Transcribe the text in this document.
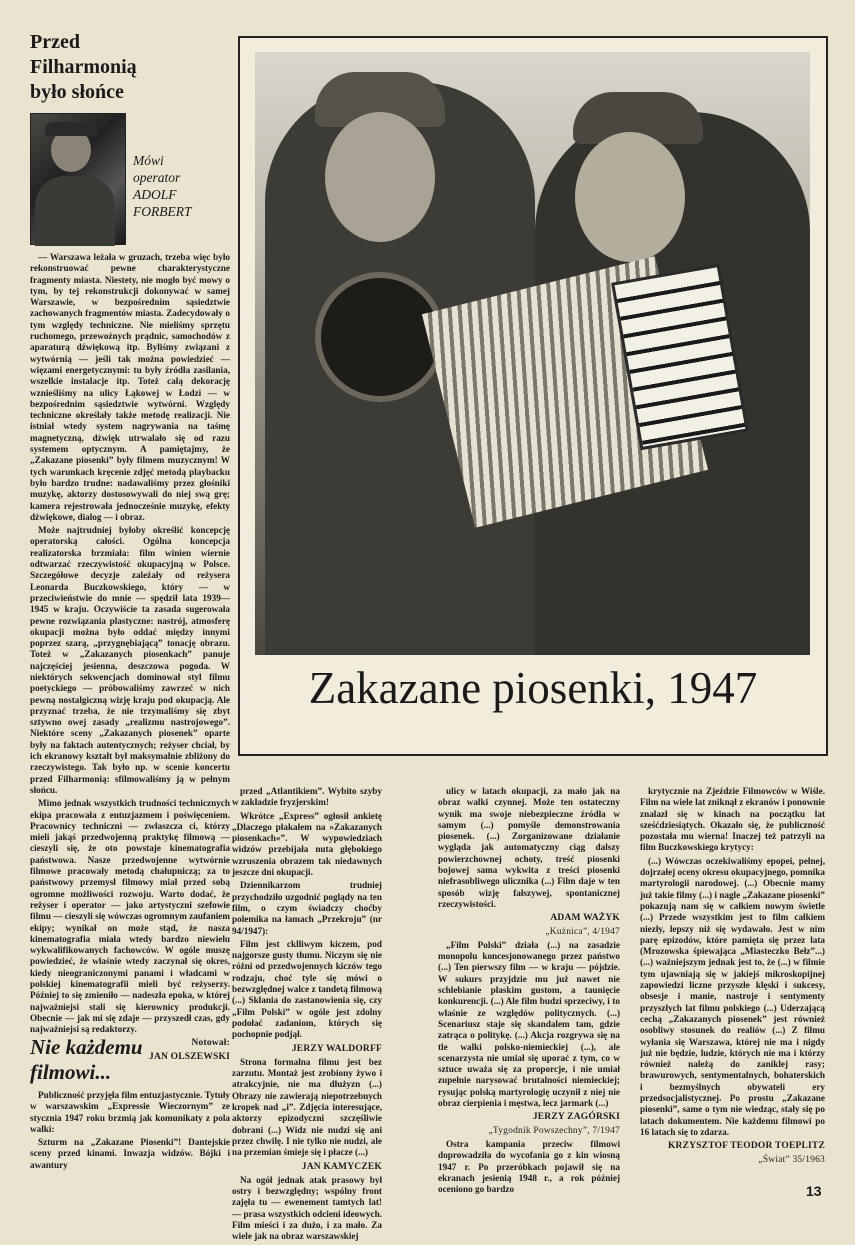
Przed
Filharmonią
było słońce
Mówi
operator
ADOLF
FORBERT

— Warszawa leżała w gruzach, trzeba więc było rekonstruować pewne charakterystyczne fragmenty miasta. Niestety, nie mogło być mowy o tym, by tej rekonstrukcji dokonywać w samej Warszawie, w bezpośrednim sąsiedztwie zachowanych fragmentów miasta. Zadecydowały o tym względy techniczne. Nie mieliśmy sprzętu ruchomego, przewoźnych prądnic, samochodów z aparaturą dźwiękową itp. Byliśmy związani z wytwórnią — jeśli tak można powiedzieć — więzami energetycznymi: tu były źródła zasilania, wszelkie instalacje itp. Toteż całą dekorację wznieśliśmy na ulicy Łąkowej w Łodzi — w bezpośrednim sąsiedztwie wytwórni. Względy techniczne określały także metodę realizacji. Nie istniał wtedy system nagrywania na taśmę magnetyczną, dźwięk utrwalało się od razu systemem optycznym. A pamiętajmy, że „Zakazane piosenki” były filmem muzycznym! W tych warunkach kręcenie zdjęć metodą playbacku było bardzo trudne: nadawaliśmy przez głośniki muzykę, aktorzy dostosowywali do niej swą grę; kamera rejestrowała jednocześnie muzykę, efekty dźwiękowe, dialog — i obraz.

Może najtrudniej byłoby określić koncepcję operatorską całości. Ogólna koncepcja realizatorska brzmiała: film winien wiernie odtwarzać rzeczywistość okupacyjną w Polsce. Szczegółowe decyzje zależały od reżysera Leonarda Buczkowskiego, który — w przeciwieństwie do mnie — spędził lata 1939—1945 w kraju. Oczywiście ta zasada sugerowała pewne rozwiązania plastyczne: nastrój, atmosferę okupacji można było oddać między innymi poprzez szarą, „przygnębiającą” tonację obrazu. Toteż w „Zakazanych piosenkach” panuje najczęściej jesienna, deszczowa pogoda. W niektórych sekwencjach dominował styl filmu poetyckiego — próbowaliśmy zawrzeć w nich pewną nostalgiczną wizję kraju pod okupacją. Ale przyznać trzeba, że nie trzymaliśmy się zbyt sztywno owej zasady „realizmu nastrojowego”. Niektóre sceny „Zakazanych piosenek” oparte były na faktach autentycznych; reżyser chciał, by ich ekranowy kształt był maksymalnie zbliżony do rzeczywistego. Tak było np. w scenie koncertu przed Filharmonią: sfilmowaliśmy ją w pełnym słońcu.

Mimo jednak wszystkich trudności technicznych ekipa pracowała z entuzjazmem i poświęceniem. Pracownicy techniczni — zwłaszcza ci, którzy mieli jakąś przedwojenną praktykę filmową — cieszyli się, że oto powstaje kinematografia państwowa. Nasze przedwojenne wytwórnie filmowe pracowały metodą chałupniczą; za to państwowy przemysł filmowy miał przed sobą ogromne możliwości rozwoju. Warto dodać, że reżyser i operator — jako artystyczni szefowie filmu — cieszyli się wówczas ogromnym zaufaniem ekipy; wynikał on może stąd, że nasza kinematografia miała wtedy bardzo niewielu wykwalifikowanych fachowców. W ogóle muszę powiedzieć, że właśnie wtedy zaczynał się okres, kiedy nieograniczonymi panami i władcami w polskiej kinematografii mieli być reżyserzy. Później to się zmieniło — nadeszła epoka, w której najważniejsi stali się kierownicy produkcji. Obecnie — jak mi się zdaje — przyszedł czas, gdy najważniejsi są redaktorzy.

Notował:

JAN OLSZEWSKI

Nie każdemu
filmowi...

Publiczność przyjęła film entuzjastycznie. Tytuły w warszawskim „Expressie Wieczornym” ze stycznia 1947 roku brzmią jak komunikaty z pola walki:

Szturm na „Zakazane Piosenki”! Dantejskie sceny przed kinami. Inwazja widzów. Bójki i awantury

Zakazane piosenki, 1947

przed „Atlantikiem”. Wybito szyby w zakładzie fryzjerskim!

Wkrótce „Express” ogłosił ankietę „Dlaczego płakałem na »Zakazanych piosenkach«”. W wypowiedziach widzów przebijała nuta głębokiego wzruszenia obrazem tak niedawnych jeszcze dni okupacji.

Dziennikarzom trudniej przychodziło uzgodnić poglądy na ten film, o czym świadczy choćby polemika na łamach „Przekroju” (nr 94/1947):

Film jest cklliwym kiczem, pod najgorsze gusty tłumu. Niczym się nie różni od przedwojennych kiczów tego rodzaju, choć tyle się mówi o bezwzględnej walce z tandetą filmową (...) Skłania do zastanowienia się, czy „Film Polski” w ogóle jest zdolny podołać zadaniom, których się pochopnie podjął.

JERZY WALDORFF

Strona formalna filmu jest bez zarzutu. Montaż jest zrobiony żywo i atrakcyjnie, nie ma dłużyzn (...) Obrazy nie zawierają niepotrzebnych kropek nad „i”. Zdjęcia interesujące, aktorzy epizodyczni szczęśliwie dobrani (...) Widz nie nudzi się ani przez chwilę. I nie tylko nie nudzi, ale na przemian śmieje się i płacze (...)

JAN KAMYCZEK

Na ogół jednak atak prasowy był ostry i bezwzględny; wspólny front zajęła tu — ewenement tamtych lat! — prasa wszystkich odcieni ideowych. Film mieści i za dużo, i za mało. Za wiele jak na obraz warszawskiej

ulicy w latach okupacji, za mało jak na obraz walki czynnej. Może ten ostateczny wynik ma swoje niebezpieczne źródła w samym (...) pomyśle demonstrowania piosenek. (...) Zorganizowane działanie wygląda jak automatyczny ciąg dalszy powierzchownej ochoty, treść piosenki bojowej sama wykwita z treści piosenki niefrasobliwego ulicznika (...) Film daje w ten sposób wizję fałszywej, spontanicznej rzeczywistości.

ADAM WAŻYK

„Kuźnica”, 4/1947

„Film Polski” działa (...) na zasadzie monopolu koncesjonowanego przez państwo (...) Ten pierwszy film — w kraju — pójdzie. W sukurs przyjdzie mu już nawet nie schlebianie płaskim gustom, a taunięcie konkurencji. (...) Ale film budzi sprzeciwy, i to właśnie ze względów politycznych. (...) Scenariusz staje się skandalem tam, gdzie zatrąca o politykę. (...) Akcja rozgrywa się na tle walki polsko-niemieckiej (...), ale scenarzysta nie umiał się uporać z tym, co w sztuce uważa się za proporcje, i nie umiał zupełnie narysować brutalności niemieckiej; rysując polską martyrologię uczynił z niej nie obraz cierpienia i męstwa, lecz jarmark (...)

JERZY ZAGÓRSKI

„Tygodnik Powszechny”, 7/1947

Ostra kampania przeciw filmowi doprowadziła do wycofania go z kin wiosną 1947 r. Po przeróbkach pojawił się na ekranach jesienią 1948 r., a rok później oceniono go bardzo

krytycznie na Zjeździe Filmowców w Wiśle. Film na wiele lat zniknął z ekranów i ponownie znalazł się w kinach na początku lat sześćdziesiątych. Okazało się, że publiczność pozostała mu wierna! Inaczej też patrzyli na film Buczkowskiego krytycy:

(...) Wówczas oczekiwaliśmy epopei, pełnej, dojrzałej oceny okresu okupacyjnego, pomnika martyrologii narodowej. (...) Obecnie mamy już takie filmy (...) i nagle „Zakazane piosenki” pokazują nam się w całkiem nowym świetle (...) Przede wszystkim jest to film całkiem niezły, lepszy niż się wydawało. Jest w nim parę epizodów, które pamięta się przez lata (Mrozowska śpiewająca „Miasteczko Bełz”...) (...) ważniejszym jednak jest to, że (...) w filmie tym ujawniają się w jakiejś mikroskopijnej zapowiedzi liczne przyszłe klęski i sukcesy, obsesje i manie, nastroje i sentymenty przyszłych lat filmu polskiego (...) Uderzającą cechą „Zakazanych piosenek” jest również osobliwy stosunek do realiów (...) Z filmu wyłania się Warszawa, której nie ma i nigdy już nie będzie, ludzie, których nie ma i którzy również należą do zaniklej rasy; brawurowych, sentymentalnych, bohaterskich i bezmyślnych obywateli ery przedsocjalistycznej. Po prostu „Zakazane piosenki”, same o tym nie wiedząc, stały się po latach dokumentem. Nie każdemu filmowi po 16 latach się to zdarza.

KRZYSZTOF TEODOR TOEPLITZ

„Świat” 35/1963

13
